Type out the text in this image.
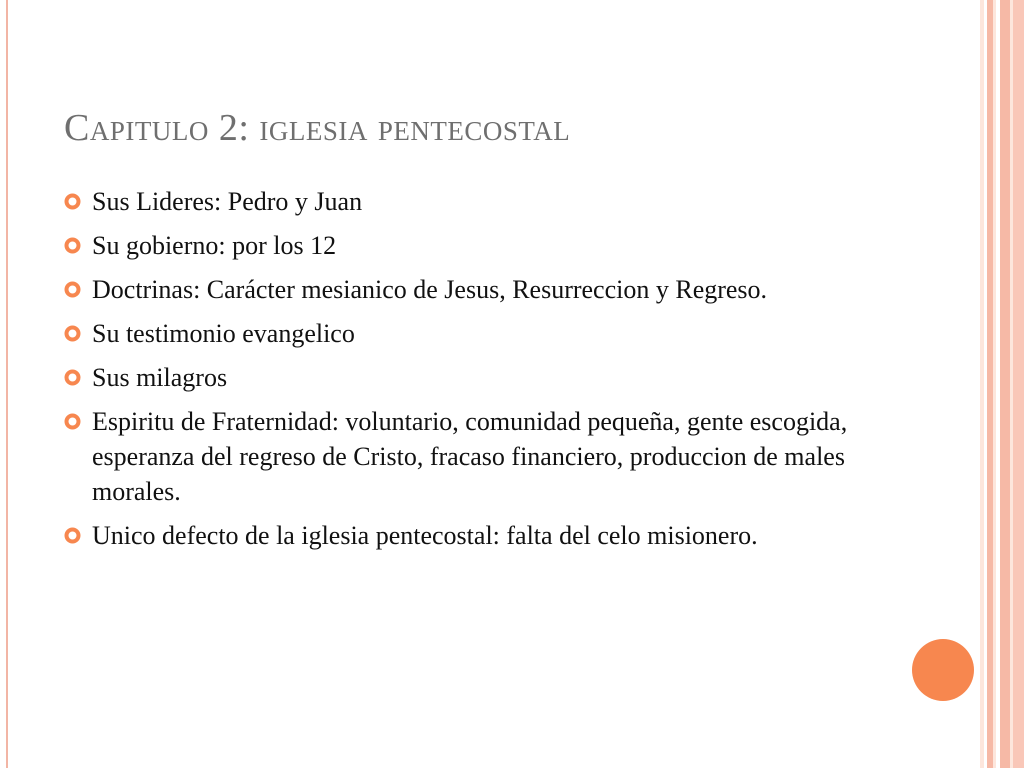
Capitulo 2: iglesia pentecostal
Sus Lideres: Pedro y Juan
Su gobierno: por los 12
Doctrinas: Carácter mesianico de Jesus, Resurreccion y Regreso.
Su testimonio evangelico
Sus milagros
Espiritu de Fraternidad: voluntario, comunidad pequeña, gente escogida, esperanza del regreso de Cristo, fracaso financiero, produccion de males morales.
Unico defecto de la iglesia pentecostal: falta del celo misionero.
